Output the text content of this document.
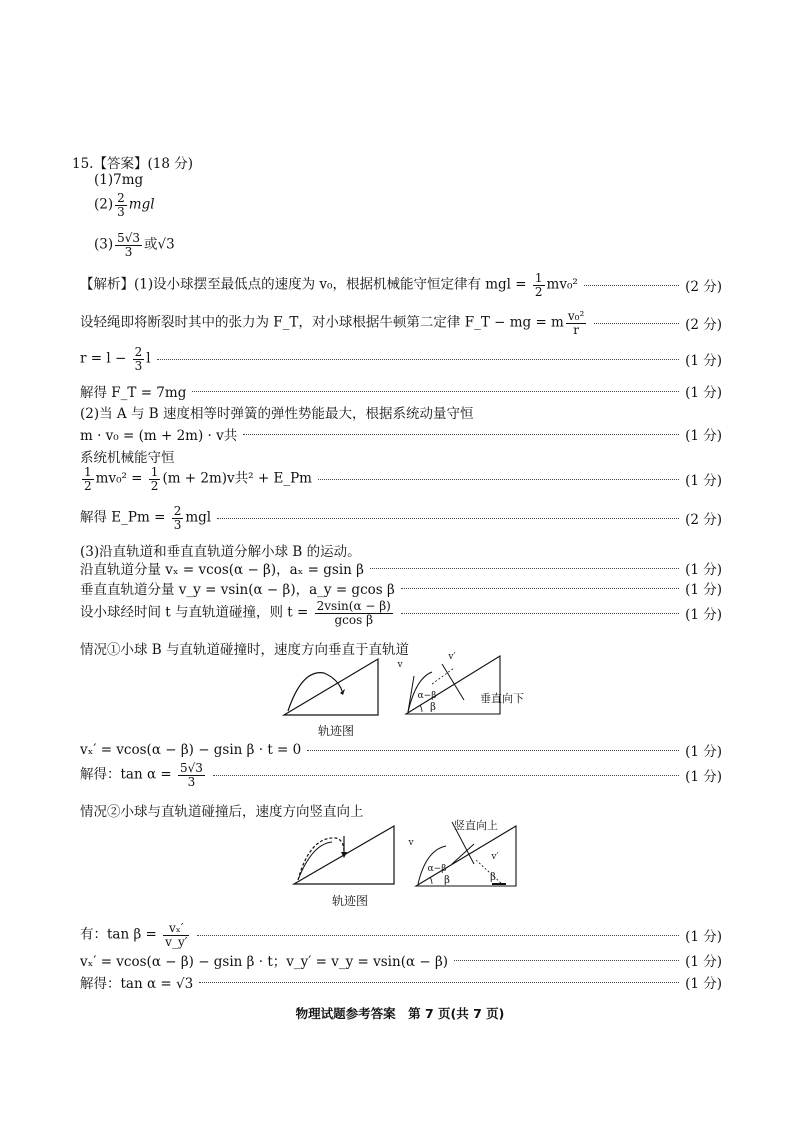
15.【答案】(18 分)
(1)7mg
$(2) \frac{2}{3}$ mgl
$(3) \frac{5√3}{3}$ 或√3
【解析】(1)设小球摆至最低点的速度为 v₀，根据机械能守恒定律有 mgl = $\frac{1}{2} mv_0^2$	(2 分)
设轻绳即将断裂时其中的张力为 F_T，对小球根据牛顿第二定律 F_T − mg = m $\frac{\text{v₀²}}{r}$	(2 分)
$r = l - \frac{2}{3}$ l	(1 分)
解得 F_T = 7mg	(1 分)
(2)当 A 与 B 速度相等时弹簧的弹性势能最大，根据系统动量守恒
m · v₀ = (m + 2m) · v共	(1 分)
系统机械能守恒
$\frac{1}{2} mv_0^2 = \frac{1}{2} (m + 2m)v$共² + E_Pm	(1 分)
解得 E_Pm = $\frac{2}{3}$ mgl	(2 分)
(3)沿直轨道和垂直直轨道分解小球 B 的运动。
沿直轨道分量 vₓ = vcos(α − β)，aₓ = gsin β	(1 分)
垂直直轨道分量 v_y = vsin(α − β)，a_y = gcos β	(1 分)
设小球经时间 t 与直轨道碰撞，则 $t = \frac{2vsin(\alpha - \beta)}{\text{gcos β}}$	(1 分)
情况①小球 B 与直轨道碰撞时，速度方向垂直于直轨道
轨迹图
v
v′
α−β
β
垂直向下
vₓ′ = vcos(α − β) − gsin β · t = 0	(1 分)
解得：$\tan \alpha = \frac{5√3}{3}$	(1 分)
情况②小球与直轨道碰撞后，速度方向竖直向上
轨迹图
竖直向上
v
v′
α−β
β	β
有：$\tan \beta = \frac{\text{vₓ′}}{v\_y'}$	(1 分)
vₓ′ = vcos(α − β) − gsin β · t；v_y′ = v_y = vsin(α − β)	(1 分)
解得：tan α = √3	(1 分)
物理试题参考答案　第 7 页(共 7 页)
